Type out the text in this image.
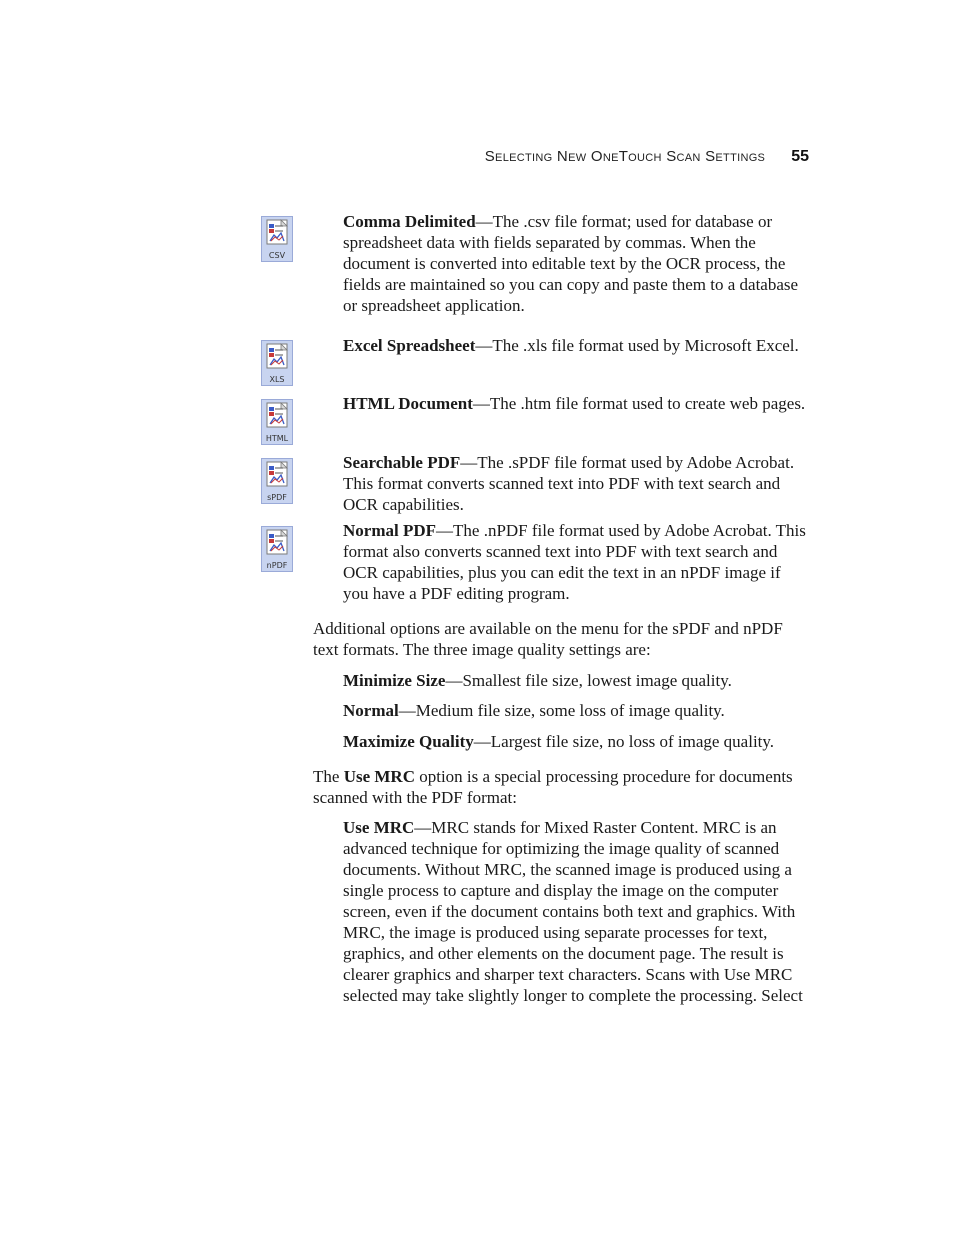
Selecting New OneTouch Scan Settings 55
CSV
Comma Delimited—The .csv file format; used for database or spreadsheet data with fields separated by commas. When the document is converted into editable text by the OCR process, the fields are maintained so you can copy and paste them to a database or spreadsheet application.
XLS
Excel Spreadsheet—The .xls file format used by Microsoft Excel.
HTML
HTML Document—The .htm file format used to create web pages.
sPDF
Searchable PDF—The .sPDF file format used by Adobe Acrobat. This format converts scanned text into PDF with text search and OCR capabilities.
nPDF
Normal PDF—The .nPDF file format used by Adobe Acrobat. This format also converts scanned text into PDF with text search and OCR capabilities, plus you can edit the text in an nPDF image if you have a PDF editing program.
Additional options are available on the menu for the sPDF and nPDF text formats. The three image quality settings are:
Minimize Size—Smallest file size, lowest image quality.
Normal—Medium file size, some loss of image quality.
Maximize Quality—Largest file size, no loss of image quality.
The Use MRC option is a special processing procedure for documents scanned with the PDF format:
Use MRC—MRC stands for Mixed Raster Content. MRC is an advanced technique for optimizing the image quality of scanned documents. Without MRC, the scanned image is produced using a single process to capture and display the image on the computer screen, even if the document contains both text and graphics. With MRC, the image is produced using separate processes for text, graphics, and other elements on the document page. The result is clearer graphics and sharper text characters. Scans with Use MRC selected may take slightly longer to complete the processing. Select
